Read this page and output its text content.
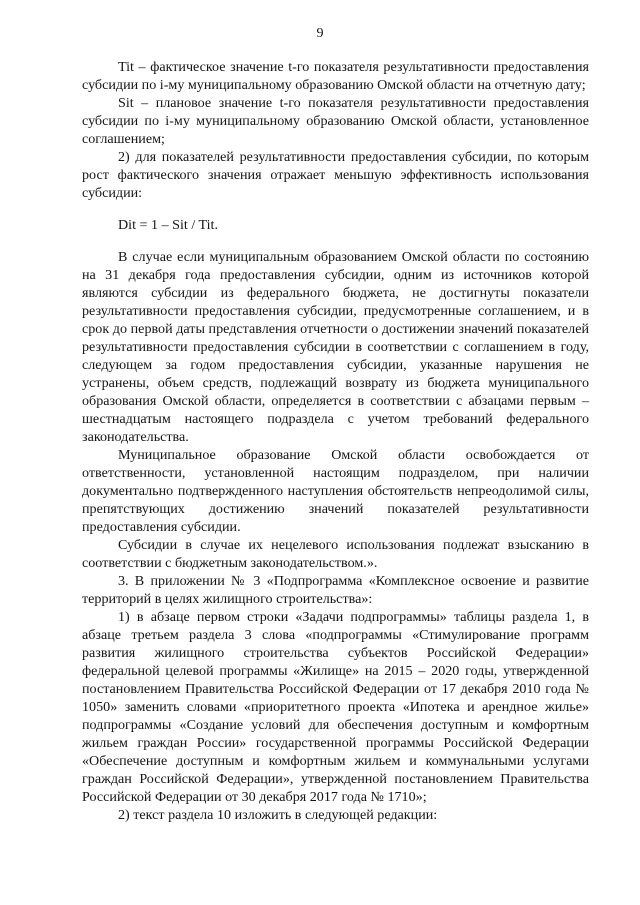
9

Tit – фактическое значение t-го показателя результативности предоставления субсидии по i-му муниципальному образованию Омской области на отчетную дату;

Sit – плановое значение t-го показателя результативности предоставления субсидии по i-му муниципальному образованию Омской области, установленное соглашением;

2) для показателей результативности предоставления субсидии, по которым рост фактического значения отражает меньшую эффективность использования субсидии:

Dit = 1 – Sit / Tit.

В случае если муниципальным образованием Омской области по состоянию на 31 декабря года предоставления субсидии, одним из источников которой являются субсидии из федерального бюджета, не достигнуты показатели результативности предоставления субсидии, предусмотренные соглашением, и в срок до первой даты представления отчетности о достижении значений показателей результативности предоставления субсидии в соответствии с соглашением в году, следующем за годом предоставления субсидии, указанные нарушения не устранены, объем средств, подлежащий возврату из бюджета муниципального образования Омской области, определяется в соответствии с абзацами первым – шестнадцатым настоящего подраздела с учетом требований федерального законодательства.

Муниципальное образование Омской области освобождается от ответственности, установленной настоящим подразделом, при наличии документально подтвержденного наступления обстоятельств непреодолимой силы, препятствующих достижению значений показателей результативности предоставления субсидии.

Субсидии в случае их нецелевого использования подлежат взысканию в соответствии с бюджетным законодательством.».

3. В приложении № 3 «Подпрограмма «Комплексное освоение и развитие территорий в целях жилищного строительства»:

1) в абзаце первом строки «Задачи подпрограммы» таблицы раздела 1, в абзаце третьем раздела 3 слова «подпрограммы «Стимулирование программ развития жилищного строительства субъектов Российской Федерации» федеральной целевой программы «Жилище» на 2015 – 2020 годы, утвержденной постановлением Правительства Российской Федерации от 17 декабря 2010 года № 1050» заменить словами «приоритетного проекта «Ипотека и арендное жилье» подпрограммы «Создание условий для обеспечения доступным и комфортным жильем граждан России» государственной программы Российской Федерации «Обеспечение доступным и комфортным жильем и коммунальными услугами граждан Российской Федерации», утвержденной постановлением Правительства Российской Федерации от 30 декабря 2017 года № 1710»;

2) текст раздела 10 изложить в следующей редакции:
